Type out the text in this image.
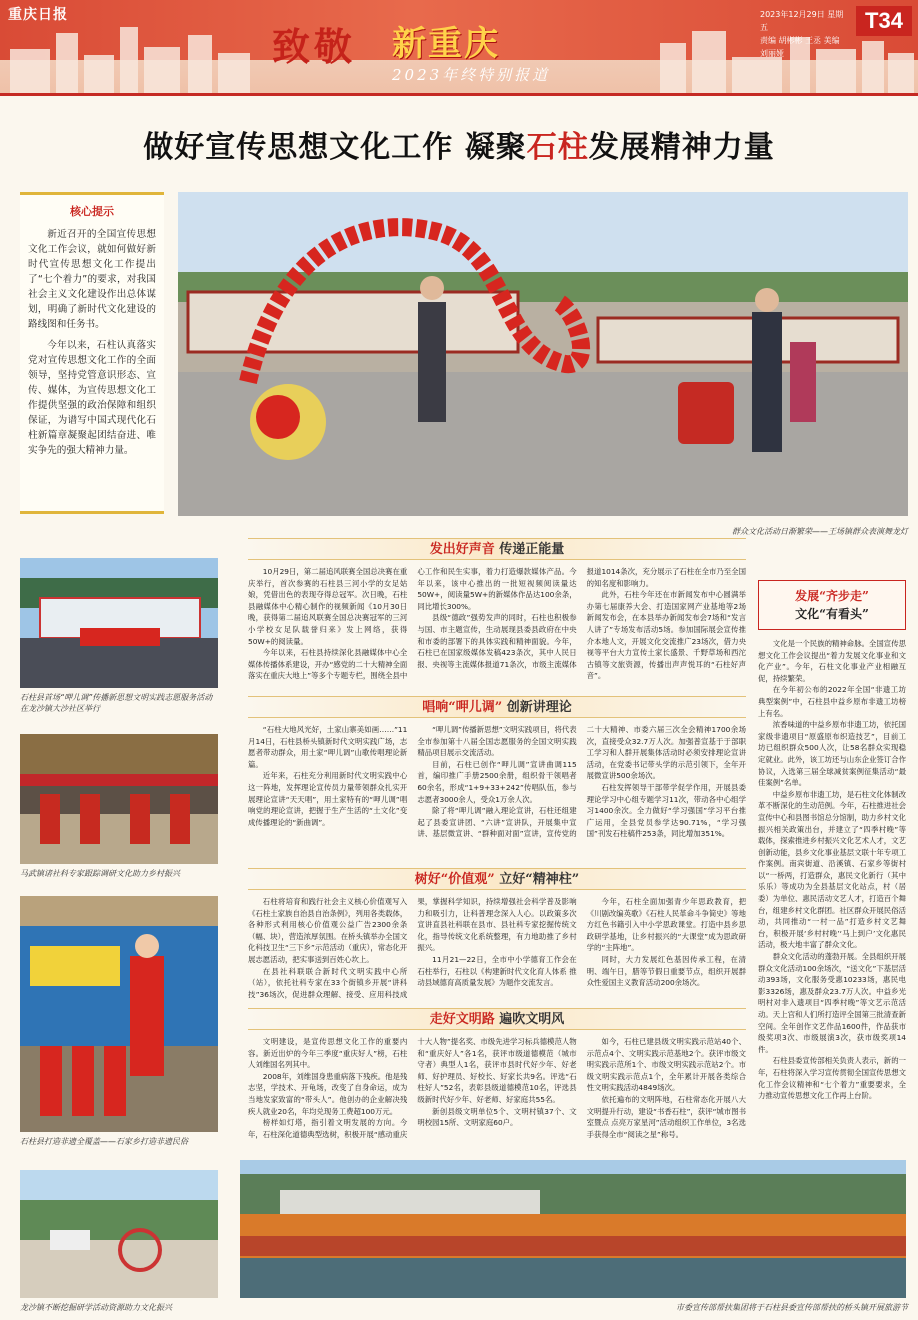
重庆日报
致敬 新重庆
2023年终特别报道
2023年12月29日 星期五
责编 胡彬彬 王丞 美编 刘丽娅
T34
做好宣传思想文化工作 凝聚石柱发展精神力量
核心提示

新近召开的全国宣传思想文化工作会议，就如何做好新时代宣传思想文化工作提出了“七个着力”的要求，对我国社会主义文化建设作出总体谋划，明确了新时代文化建设的路线图和任务书。

今年以来，石柱认真落实党对宣传思想文化工作的全面领导，坚持党管意识形态、宣传、媒体，为宣传思想文化工作提供坚强的政治保障和组织保证，为谱写中国式现代化石柱新篇章凝聚起团结奋进、唯实争先的强大精神力量。

群众文化活动日渐繁荣——王场镇群众表演舞龙灯
石柱县首场“呷儿调”传播新思想文明实践志愿服务活动在龙沙镇大沙社区举行
马武镇诸社科专家跟踪调研文化助力乡村振兴
石柱县打造非遗全覆盖——石家乡打造非遗民俗
龙沙镇不断挖掘研学活动资源助力文化振兴
发出好声音 传递正能量

10月29日，第二届追风联赛全国总决赛在重庆举行，首次参赛的石柱县三河小学的女足姑娘，凭借出色的表现夺得总冠军。次日晚，石柱县融媒体中心精心制作的视频新闻《10月30日晚，获得第二届追风联赛全国总决赛冠军的三河小学校女足队载誉归来》发上网络，获得50W+的阅读量。

今年以来，石柱县持续深化县融媒体中心全媒体传播体系建设，开办“感党的二十大精神全面落实在重庆大地上”等多个专题专栏，围绕全县中心工作和民生实事，着力打造爆款媒体产品。今年以来，该中心推出的一批短视频阅读量达50W+，阅读量5W+的新媒体作品达100余条，同比增长300%。

县级“德政”强势发声的同时，石柱也积极参与国、市主题宣传，生动展现县委县政府在中央和市委的部署下的具体实践和精神面貌。今年，石柱已在国家级媒体发稿423条次，其中人民日报、央视等主流媒体报道71条次，市级主流媒体报道1014条次，充分展示了石柱在全市乃至全国的知名度和影响力。

此外，石柱今年还在市新闻发布中心圆满举办第七届康养大会、打造国家网产业基地等2场新闻发布会，在本县举办新闻发布会7场和“发言人讲了”专场发布活动5场。参加国际展会宣传推介本地人文，开展文化交流推广23场次，借力央视等平台大力宣传土家长盛景、千野草场和西沱古镇等文旅资源，传播出声声悦耳的“石柱好声音”。

唱响“呷儿调” 创新讲理论

“石柱大地风光好，土家山寨美如画……”11月14日，石柱县桥头镇新时代文明实践广场，志愿者带动群众，用土家“呷儿调”山歌传唱理论新篇。

近年来，石柱充分利用新时代文明实践中心这一阵地，发挥理论宣传员力量带领群众扎实开展理论宣讲“天天唱”，用土家特有的“呷儿调”唱响党的理论宣讲，把握于生产生活的“土文化”变成传播理论的“新曲调”。

“呷儿调”传播新思想”文明实践项目，将代表全市参加第十八届全国志愿服务的全国文明实践精品项目展示交流活动。

目前，石柱已创作“呷儿调”宣讲曲调115首，编印推广手册2500余册，组织骨干领唱者60余名，形成“1+9+33+242”传唱队伍，参与志愿者3000余人，受众1万余人次。

除了将“呷儿调”融入理论宣讲，石柱还组建起了县委宣讲团、“六讲”宣讲队，开展集中宣讲、基层微宣讲、“群种面对面”宣讲，宣传党的二十大精神、市委六届三次全会精神1700余场次，直接受众32.7万人次。加强普宣基于于部职工学习和人群开展集体活动时必须安排理论宣讲活动，在党委书记带头学的示范引领下，全年开展微宣讲500余场次。

石柱发挥领导干部带学促学作用，开展县委理论学习中心组专题学习11次，带动各中心组学习1400余次。全力做好“学习强国”学习平台推广运用，全县党员参学达90.71%，“学习强国”刊发石柱稿件253条，同比增加351%。

树好“价值观” 立好“精神柱”

石柱将培育和践行社会主义核心价值观写入《石柱土家族自治县自治条例》，列用各类载体，各种形式利用核心价值观公益广告2300余条（幅、块），营造浓厚氛围。在桥头镇举办全国文化科技卫生“三下乡”示范活动（重庆），常态化开展志愿活动，把实事送到百姓心坎上。

在县社科联联合新时代文明实践中心所（站），依托社科专家在33个街镇乡开展“讲科技”36场次，促进群众理解、接受、应用科技成果，掌握科学知识，持续增强社会科学普及影响力和吸引力，让科普理念深入人心。以政策多次宣讲直县社科联在县市、县社科专家挖掘传统文化，指导传统文化系统整理，有力地助推了乡村振兴。

11月21—22日，全市中小学德育工作会在石柱举行，石柱以《构建新时代文化育人体系 推动县域德育高质量发展》为题作交流发言。

今年，石柱全面加强青少年思政教育，把《川剧改编英歌》《石柱人民革命斗争简史》等地方红色书籍引入中小学思政课堂。打造中县乡思政研学基地，让乡村振兴的“大课堂”成为思政研学的“主阵地”。

同时，大力发展红色基因传承工程，在清明、端午日，腊等节假日重要节点，组织开展群众性爱国主义教育活动200余场次。

走好文明路 遍吹文明风

文明建设，是宣传思想文化工作的重要内容。新近出炉的今年三季度“重庆好人”榜，石柱人刘维国名列其中。

2008年，刘维国身患重病落下残疾。他是残志坚，学技术、开龟场，改变了自身命运，成为当地发家致富的“带头人”。他创办的企业解决残疾人就业20名，年均兑现务工费超100万元。

榜样如灯塔，指引着文明发展的方向。今年，石柱深化道德典型选树，积极开展“感动重庆十大人物”提名奖、市级先进学习标兵德模范人物和“重庆好人”各1名，获评市级道德模范（城市守者）典型人1名，获评市县时代好少年、好老师、好护理员、好校长、好家长共9名。评选“石柱好人”52名，表彰县级道德模范10名，评选县级新时代好少年、好老师、好家庭共55名。

新创县级文明单位5个、文明村镇37个、文明校园15所、文明家庭60户。

如今，石柱已建县级文明实践示范站40个、示范点4个、文明实践示范基地2个。获评市级文明实践示范所1个、市级文明实践示范站2个。市级文明实践示范点1个，全年累计开展各类综合性文明实践活动4849场次。

依托遍布的文明阵地，石柱常态化开展八大文明提升行动，建设“书香石柱”，获评“城市图书室暨点 点亮万家星河”活动组织工作单位，3名选手获得全市“阅读之星”称号。

发展“齐步走”
文化“有看头”

文化是一个民族的精神命脉。全国宣传思想文化工作会议提出“着力发展文化事业和文化产业”。今年，石柱文化事业产业相融互促，持续繁荣。

在今年初公布的2022年全国“非遗工坊典型案例”中，石柱县中益乡原布非遗工坊榜上有名。

浓香味道的中益乡原布非遗工坊，依托国家级非遗项目“原盛原布织造技艺”，目前工坊已组织群众500人次，让58名群众实现稳定就业。此外，该工坊还与山东企业签订合作协议，入选第三届全球减贫案例征集活动“最佳案例”名单。

中益乡原布非遗工坊，是石柱文化体制改革不断深化的生动范例。今年，石柱推进社会宣传中心和县图书馆总分馆制，助力乡村文化振兴相关政策出台，并建立了“四季村晚”等载体，探索推进乡村振兴文化艺术人才，文艺创新动能，县乡文化事业基层文联十年专项工作案例。南宾街道、沿溪镇、石家乡等街村以“一桥两，打造群众，惠民文化新行（其中乐乐）等成功为全县基层文化站点，村（居委）为单位、惠民活动文艺人才，打造百个舞台，组建乡村文化群团。社区群众开展民俗活动，共同推动“一村一品”打造乡村文艺舞台，积极开展‘乡村村晚’‘马上到户’文化惠民活动，极大地丰富了群众文化。

群众文化活动的蓬勃开展。全县组织开展群众文化活动100余场次，“送文化”下基层活动393场，文化服务受惠10233场，惠民电影3326场，惠及群众23.7万人次。中益乡光明村对非入遗项目“四季村晚”等文艺示范活动。天上宫和人们所打造评全国第三批清查新空间。全年创作文艺作品1600件，作品获市级奖项3次、市级展演3次，获市级奖项14件。

石柱县委宣传部相关负责人表示，新的一年，石柱将深入学习宣传贯彻全国宣传思想文化工作会议精神和“七个着力”重要要求，全力推动宣传思想文化工作再上台阶。

市委宣传部帮扶集团将于石柱县委宣传部帮扶的桥头镇开展旅游节
